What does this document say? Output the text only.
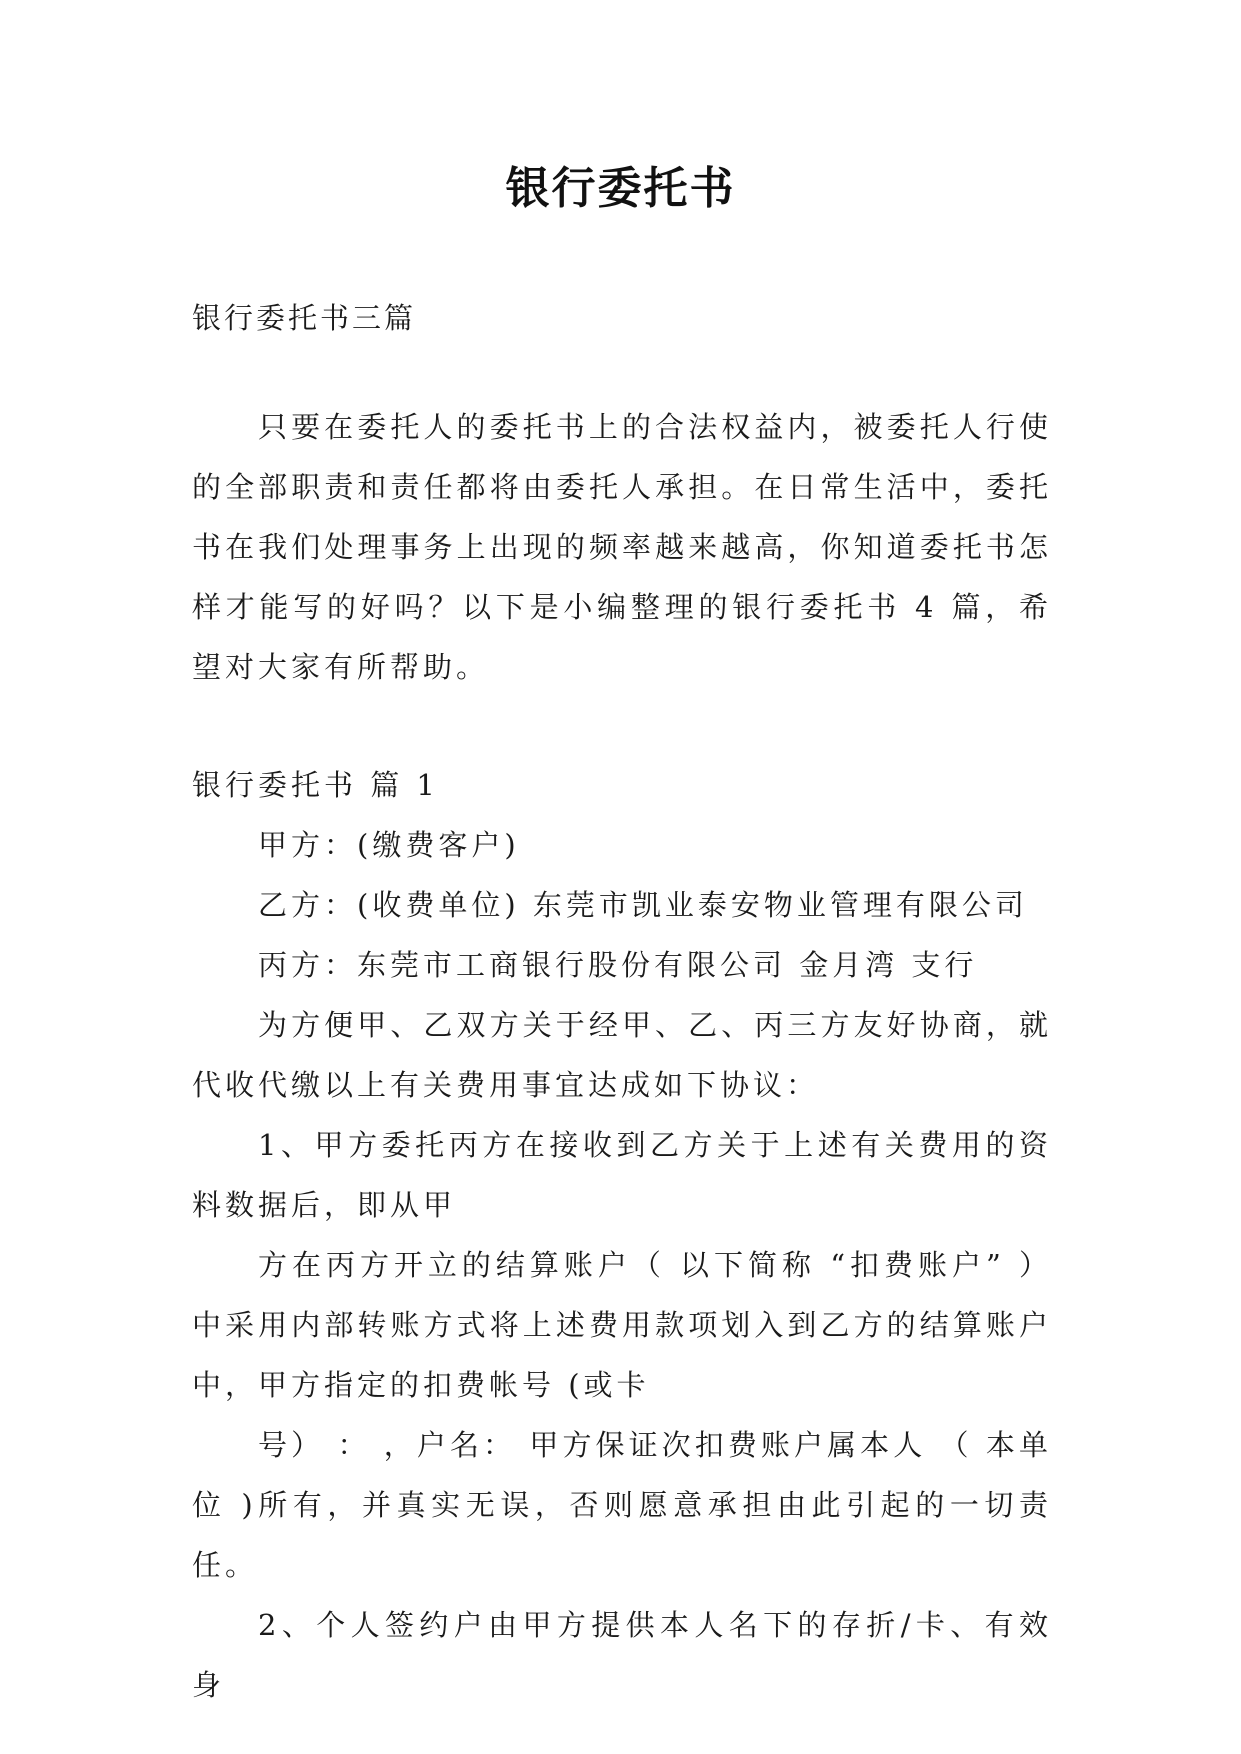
银行委托书
银行委托书三篇

只要在委托人的委托书上的合法权益内，被委托人行使的全部职责和责任都将由委托人承担。在日常生活中，委托书在我们处理事务上出现的频率越来越高，你知道委托书怎样才能写的好吗？以下是小编整理的银行委托书 4 篇，希望对大家有所帮助。

银行委托书 篇 1

甲方：(缴费客户)

乙方：(收费单位) 东莞市凯业泰安物业管理有限公司

丙方：东莞市工商银行股份有限公司 金月湾 支行

为方便甲、乙双方关于经甲、乙、丙三方友好协商，就代收代缴以上有关费用事宜达成如下协议：

1、甲方委托丙方在接收到乙方关于上述有关费用的资料数据后，即从甲

方在丙方开立的结算账户（ 以下简称 “扣费账户” ）中采用内部转账方式将上述费用款项划入到乙方的结算账户中，甲方指定的扣费帐号 (或卡

号） ： ，户名： 甲方保证次扣费账户属本人 （ 本单位 )所有，并真实无误，否则愿意承担由此引起的一切责任。

2、个人签约户由甲方提供本人名下的存折/卡、有效身
